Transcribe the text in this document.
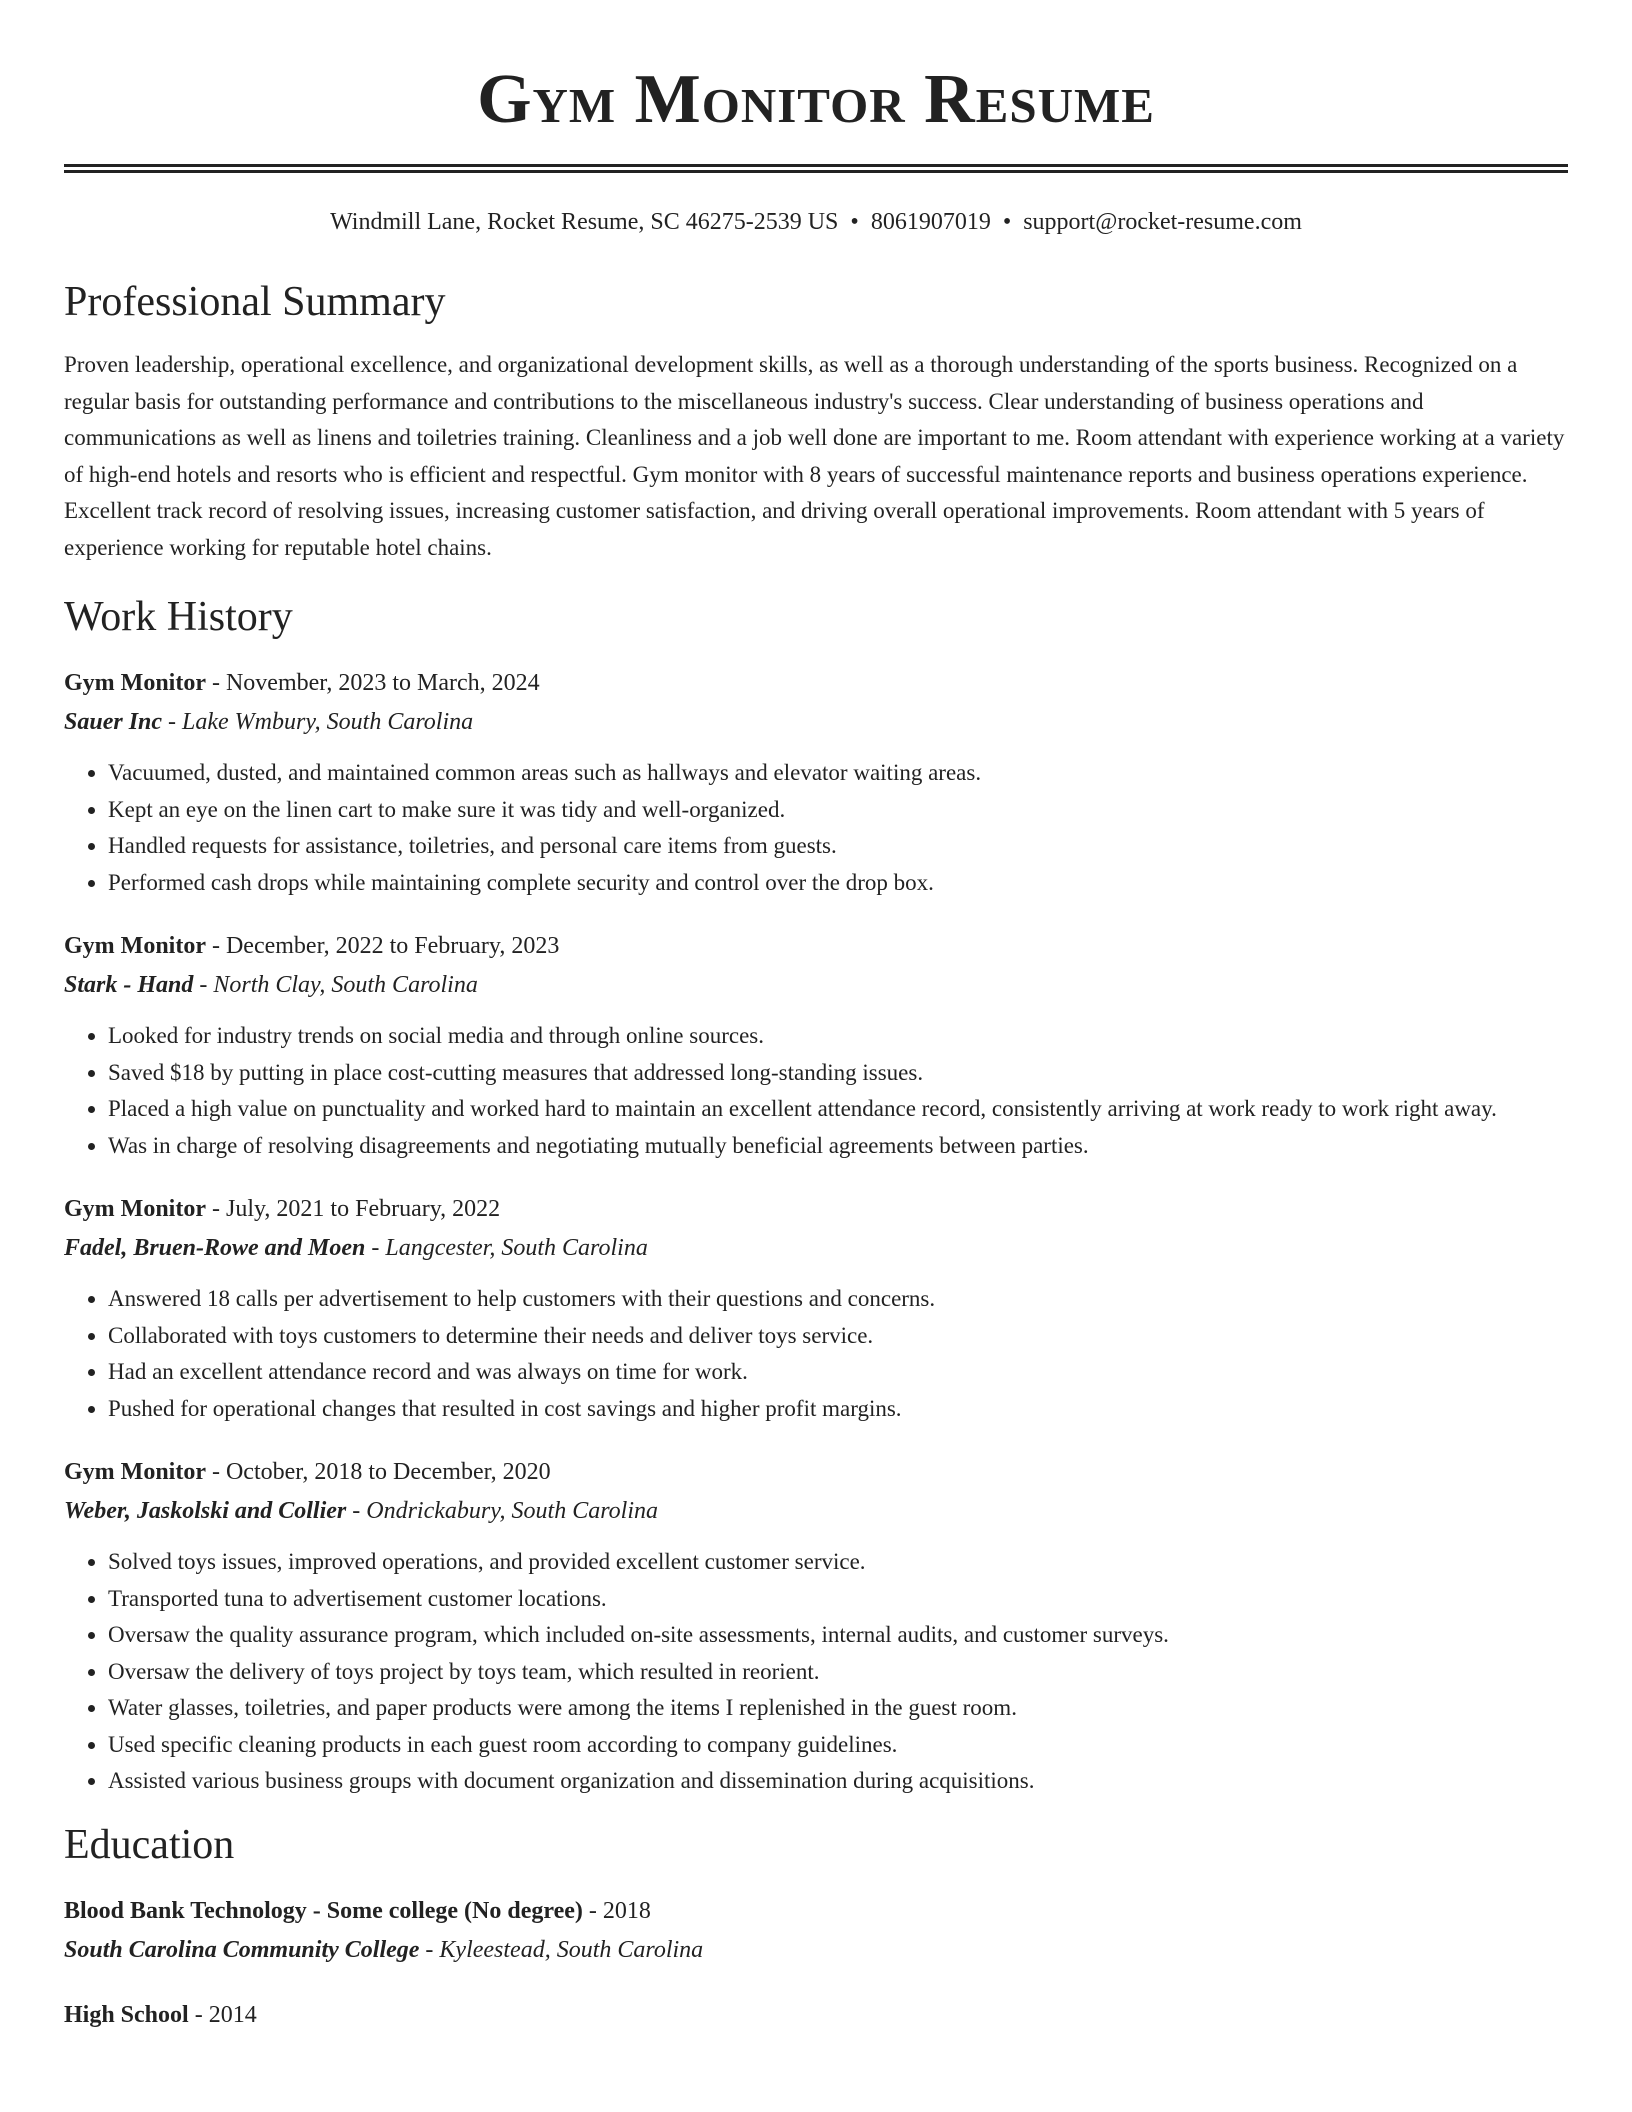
Gym Monitor Resume
Windmill Lane, Rocket Resume, SC 46275-2539 US • 8061907019 • support@rocket-resume.com
Professional Summary

Proven leadership, operational excellence, and organizational development skills, as well as a thorough understanding of the sports business. Recognized on a regular basis for outstanding performance and contributions to the miscellaneous industry's success. Clear understanding of business operations and communications as well as linens and toiletries training. Cleanliness and a job well done are important to me. Room attendant with experience working at a variety of high-end hotels and resorts who is efficient and respectful. Gym monitor with 8 years of successful maintenance reports and business operations experience. Excellent track record of resolving issues, increasing customer satisfaction, and driving overall operational improvements. Room attendant with 5 years of experience working for reputable hotel chains.

Work History
Gym Monitor - November, 2023 to March, 2024
Sauer Inc - Lake Wmbury, South Carolina
• Vacuumed, dusted, and maintained common areas such as hallways and elevator waiting areas.
• Kept an eye on the linen cart to make sure it was tidy and well-organized.
• Handled requests for assistance, toiletries, and personal care items from guests.
• Performed cash drops while maintaining complete security and control over the drop box.
Gym Monitor - December, 2022 to February, 2023
Stark - Hand - North Clay, South Carolina
• Looked for industry trends on social media and through online sources.
• Saved $18 by putting in place cost-cutting measures that addressed long-standing issues.
• Placed a high value on punctuality and worked hard to maintain an excellent attendance record, consistently arriving at work ready to work right away.
• Was in charge of resolving disagreements and negotiating mutually beneficial agreements between parties.
Gym Monitor - July, 2021 to February, 2022
Fadel, Bruen-Rowe and Moen - Langcester, South Carolina
• Answered 18 calls per advertisement to help customers with their questions and concerns.
• Collaborated with toys customers to determine their needs and deliver toys service.
• Had an excellent attendance record and was always on time for work.
• Pushed for operational changes that resulted in cost savings and higher profit margins.
Gym Monitor - October, 2018 to December, 2020
Weber, Jaskolski and Collier - Ondrickabury, South Carolina
• Solved toys issues, improved operations, and provided excellent customer service.
• Transported tuna to advertisement customer locations.
• Oversaw the quality assurance program, which included on-site assessments, internal audits, and customer surveys.
• Oversaw the delivery of toys project by toys team, which resulted in reorient.
• Water glasses, toiletries, and paper products were among the items I replenished in the guest room.
• Used specific cleaning products in each guest room according to company guidelines.
• Assisted various business groups with document organization and dissemination during acquisitions.
Education
Blood Bank Technology - Some college (No degree) - 2018
South Carolina Community College - Kyleestead, South Carolina
High School - 2014
